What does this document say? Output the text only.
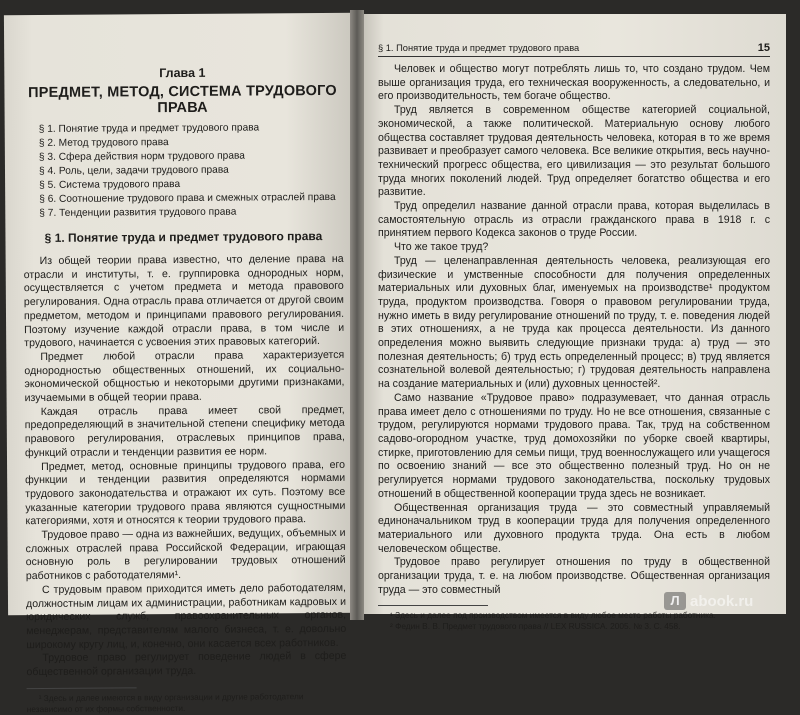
Глава 1

ПРЕДМЕТ, МЕТОД, СИСТЕМА ТРУДОВОГО ПРАВА

§ 1. Понятие труда и предмет трудового права
§ 2. Метод трудового права
§ 3. Сфера действия норм трудового права
§ 4. Роль, цели, задачи трудового права
§ 5. Система трудового права
§ 6. Соотношение трудового права и смежных отраслей права
§ 7. Тенденции развития трудового права

§ 1. Понятие труда и предмет трудового права

Из общей теории права известно, что деление права на отрасли и институты, т. е. группировка однородных норм, осуществляется с учетом предмета и метода правового регулирования. Одна отрасль права отличается от другой своим предметом, методом и принципами правового регулирования. Поэтому изучение каждой отрасли права, в том числе и трудового, начинается с усвоения этих правовых категорий.

Предмет любой отрасли права характеризуется однородностью общественных отношений, их социально-экономической общностью и некоторыми другими признаками, изучаемыми в общей теории права.

Каждая отрасль права имеет свой предмет, предопределяющий в значительной степени специфику метода правового регулирования, отраслевых принципов права, функций отрасли и тенденции развития ее норм.

Предмет, метод, основные принципы трудового права, его функции и тенденции развития определяются нормами трудового законодательства и отражают их суть. Поэтому все указанные категории трудового права являются сущностными категориями, хотя и относятся к теории трудового права.

Трудовое право — одна из важнейших, ведущих, объемных и сложных отраслей права Российской Федерации, играющая основную роль в регулировании трудовых отношений работников с работодателями¹.

С трудовым правом приходится иметь дело работодателям, должностным лицам их администрации, работникам кадровых и юридических служб, правоохранительных органов, менеджерам, представителям малого бизнеса, т. е. довольно широкому кругу лиц, и, конечно, они касается всех работников.

Трудовое право регулирует поведение людей в сфере общественной организации труда.

¹ Здесь и далее имеются в виду организации и другие работодатели независимо от их формы собственности.

§ 1. Понятие труда и предмет трудового права	15

Человек и общество могут потреблять лишь то, что создано трудом. Чем выше организация труда, его техническая вооруженность, а следовательно, и его производительность, тем богаче общество.

Труд является в современном обществе категорией социальной, экономической, а также политической. Материальную основу любого общества составляет трудовая деятельность человека, которая в то же время развивает и преобразует самого человека. Все великие открытия, весь научно-технический прогресс общества, его цивилизация — это результат большого труда многих поколений людей. Труд определяет богатство общества и его развитие.

Труд определил название данной отрасли права, которая выделилась в самостоятельную отрасль из отрасли гражданского права в 1918 г. с принятием первого Кодекса законов о труде России.

Что же такое труд?

Труд — целенаправленная деятельность человека, реализующая его физические и умственные способности для получения определенных материальных или духовных благ, именуемых на производстве¹ продуктом труда, продуктом производства. Говоря о правовом регулировании труда, нужно иметь в виду регулирование отношений по труду, т. е. поведения людей в этих отношениях, а не труда как процесса деятельности. Из данного определения можно выявить следующие признаки труда: а) труд — это полезная деятельность; б) труд есть определенный процесс; в) труд является сознательной волевой деятельностью; г) трудовая деятельность направлена на создание материальных и (или) духовных ценностей².

Само название «Трудовое право» подразумевает, что данная отрасль права имеет дело с отношениями по труду. Но не все отношения, связанные с трудом, регулируются нормами трудового права. Так, труд на собственном садово-огородном участке, труд домохозяйки по уборке своей квартиры, стирке, приготовлению для семьи пищи, труд военнослужащего или учащегося по освоению знаний — все это общественно полезный труд. Но он не регулируется нормами трудового законодательства, поскольку трудовых отношений в общественной кооперации труда здесь не возникает.

Общественная организация труда — это совместный управляемый единоначальником труд в кооперации труда для получения определенного материального или духовного продукта труда. Она есть в любом человеческом обществе.

Трудовое право регулирует отношения по труду в общественной организации труда, т. е. на любом производстве. Общественная организация труда — это совместный

¹ Здесь и далее под производством имеется в виду любое место работы работника.

² Федин В. В. Предмет трудового права // LEX RUSSICA. 2005. № 3. С. 458.

Л abook.ru
